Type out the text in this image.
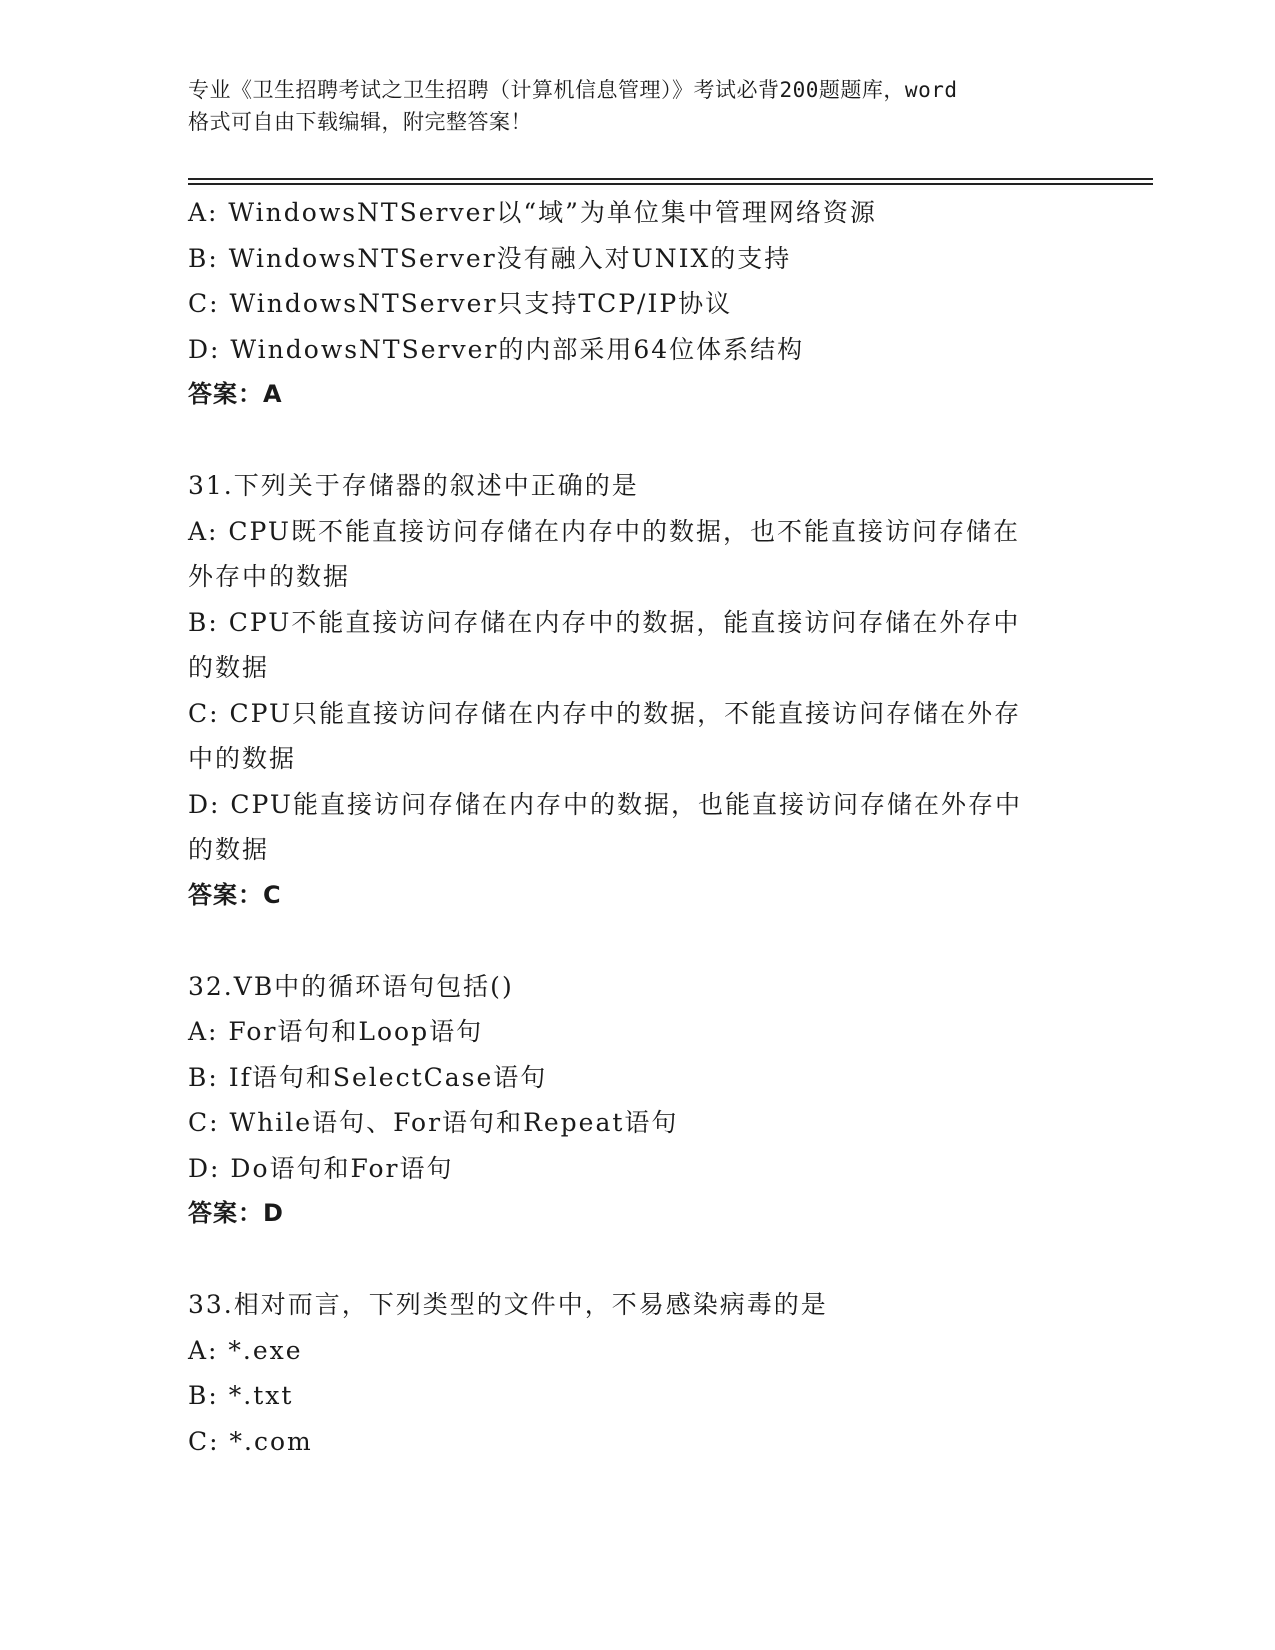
专业《卫生招聘考试之卫生招聘（计算机信息管理）》考试必背200题题库，word
格式可自由下载编辑，附完整答案！
A: WindowsNTServer以“域”为单位集中管理网络资源
B: WindowsNTServer没有融入对UNIX的支持
C: WindowsNTServer只支持TCP/IP协议
D: WindowsNTServer的内部采用64位体系结构
答案：A
31.下列关于存储器的叙述中正确的是
A: CPU既不能直接访问存储在内存中的数据，也不能直接访问存储在
外存中的数据
B: CPU不能直接访问存储在内存中的数据，能直接访问存储在外存中
的数据
C: CPU只能直接访问存储在内存中的数据，不能直接访问存储在外存
中的数据
D: CPU能直接访问存储在内存中的数据，也能直接访问存储在外存中
的数据
答案：C
32.VB中的循环语句包括()
A: For语句和Loop语句
B: If语句和SelectCase语句
C: While语句、For语句和Repeat语句
D: Do语句和For语句
答案：D
33.相对而言，下列类型的文件中，不易感染病毒的是
A: *.exe
B: *.txt
C: *.com
